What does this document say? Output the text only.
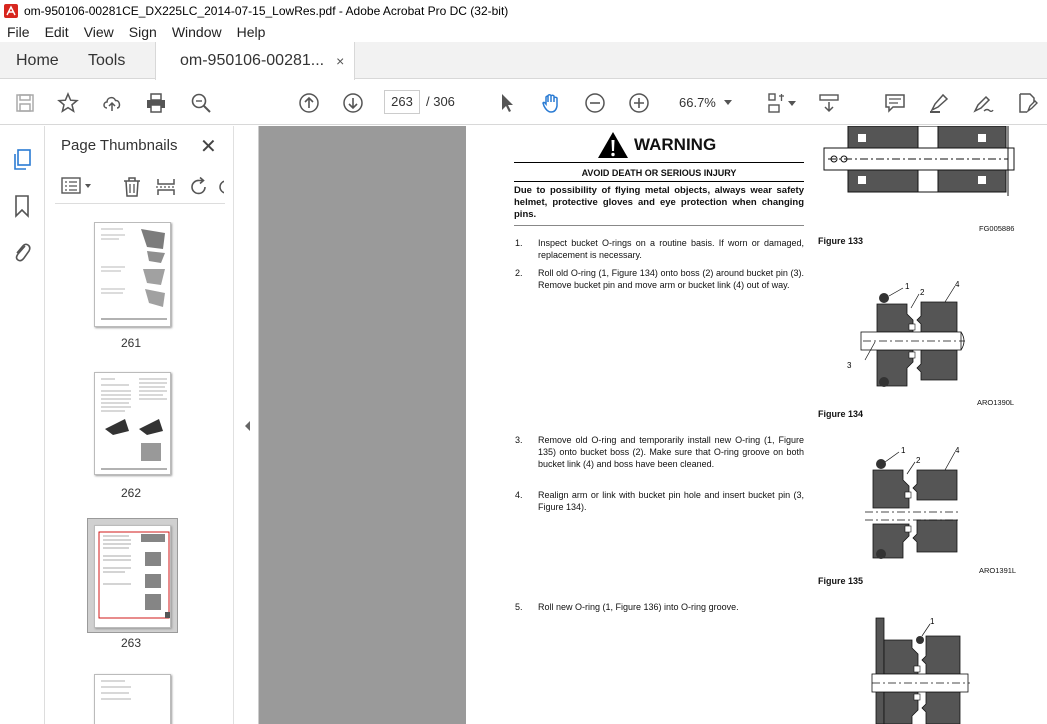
om-950106-00281CE_DX225LC_2014-07-15_LowRes.pdf - Adobe Acrobat Pro DC (32-bit)
File Edit View Sign Window Help
Home Tools	om-950106-00281... ×
263	/ 306	66.7%
Page Thumbnails ✕
261
262
263
WARNING
AVOID DEATH OR SERIOUS INJURY
Due to possibility of flying metal objects, always wear safety helmet, protective gloves and eye protection when changing pins.
1. Inspect bucket O-rings on a routine basis. If worn or damaged, replacement is necessary.
2. Roll old O-ring (1, Figure 134) onto boss (2) around bucket pin (3). Remove bucket pin and move arm or bucket link (4) out of way.
3. Remove old O-ring and temporarily install new O-ring (1, Figure 135) onto bucket boss (2). Make sure that O-ring groove on both bucket link (4) and boss have been cleaned.
4. Realign arm or link with bucket pin hole and insert bucket pin (3, Figure 134).
5. Roll new O-ring (1, Figure 136) into O-ring groove.
FG005886
Figure 133
1
2
4
3
ARO1390L
Figure 134
1
2
4
ARO1391L
Figure 135
1
